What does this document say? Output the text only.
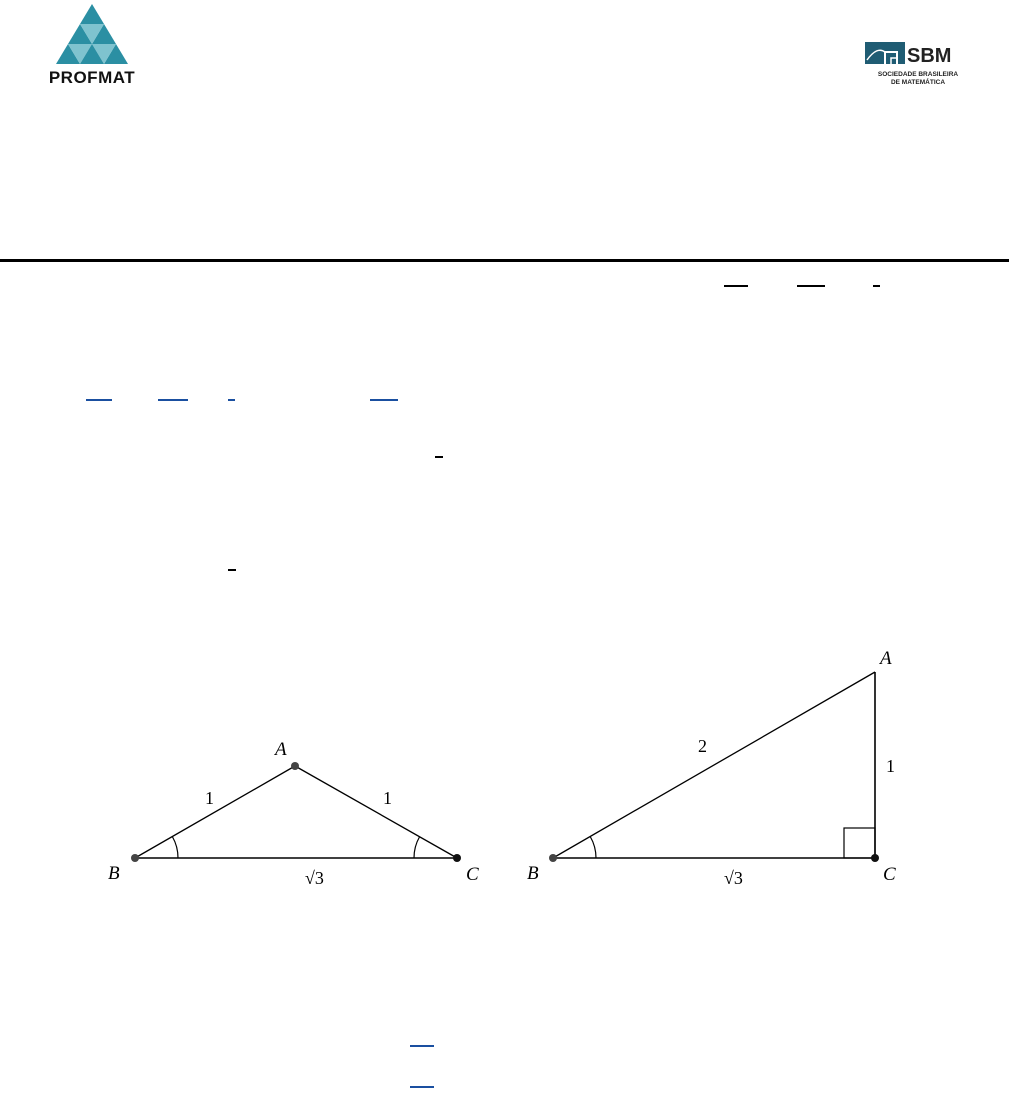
PROFMAT
SBM
SOCIEDADE BRASILEIRA
DE MATEMÁTICA
A
B	C
1	1
√3
A
B	C
2
1
√3
